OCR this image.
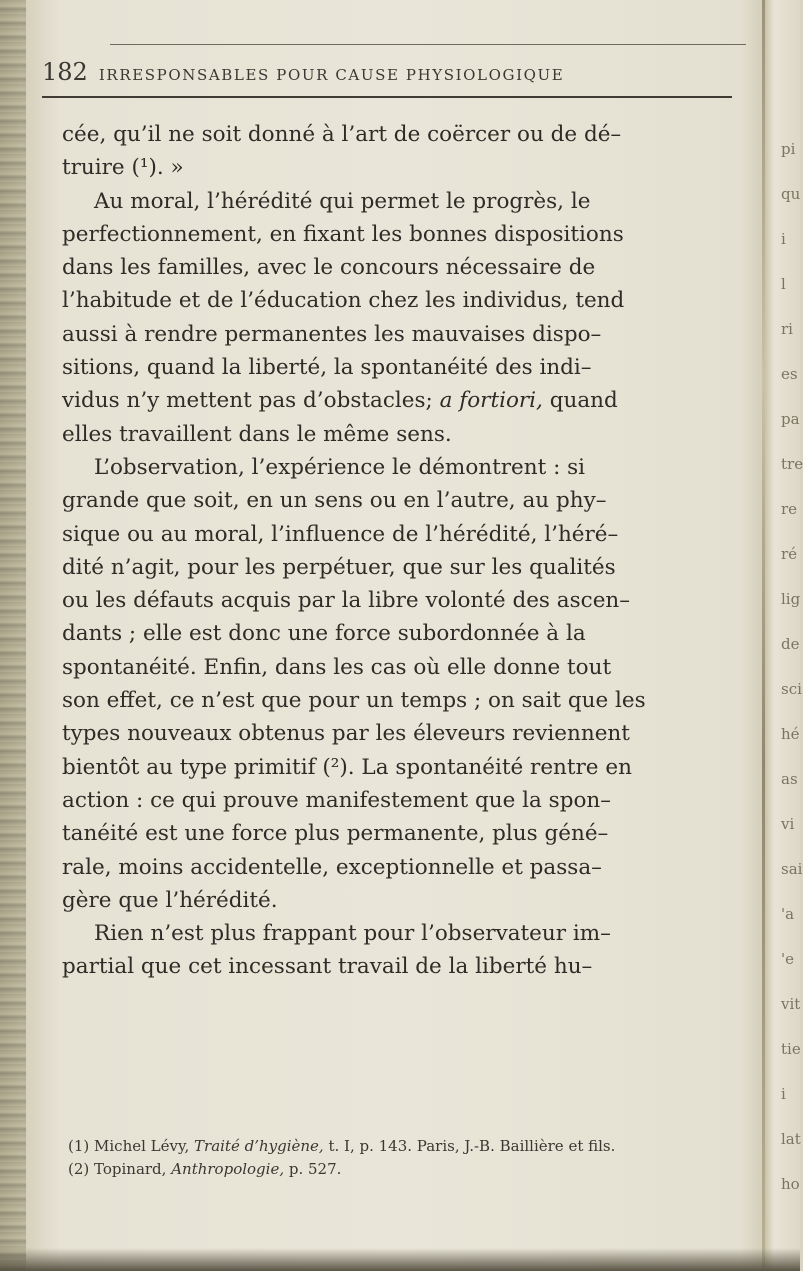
pi
qu
i
l
ri
es
pa
tre
re
ré
lig
de
sci
hé
as
vi
sai
'a
'e
vit
tie
i
lat
ho
182 IRRESPONSABLES POUR CAUSE PHYSIOLOGIQUE
cée, qu’il ne soit donné à l’art de coërcer ou de dé–
truire (¹). »
Au moral, l’hérédité qui permet le progrès, le
perfectionnement, en fixant les bonnes dispositions
dans les familles, avec le concours nécessaire de
l’habitude et de l’éducation chez les individus, tend
aussi à rendre permanentes les mauvaises dispo–
sitions, quand la liberté, la spontanéité des indi–
vidus n’y mettent pas d’obstacles; a fortiori, quand
elles travaillent dans le même sens.
L’observation, l’expérience le démontrent : si
grande que soit, en un sens ou en l’autre, au phy–
sique ou au moral, l’influence de l’hérédité, l’héré–
dité n’agit, pour les perpétuer, que sur les qualités
ou les défauts acquis par la libre volonté des ascen–
dants ; elle est donc une force subordonnée à la
spontanéité. Enfin, dans les cas où elle donne tout
son effet, ce n’est que pour un temps ; on sait que les
types nouveaux obtenus par les éleveurs reviennent
bientôt au type primitif (²). La spontanéité rentre en
action : ce qui prouve manifestement que la spon–
tanéité est une force plus permanente, plus géné–
rale, moins accidentelle, exceptionnelle et passa–
gère que l’hérédité.
Rien n’est plus frappant pour l’observateur im–
partial que cet incessant travail de la liberté hu–
(1) Michel Lévy, Traité d’hygiène, t. I, p. 143. Paris, J.-B. Baillière et fils.
(2) Topinard, Anthropologie, p. 527.
